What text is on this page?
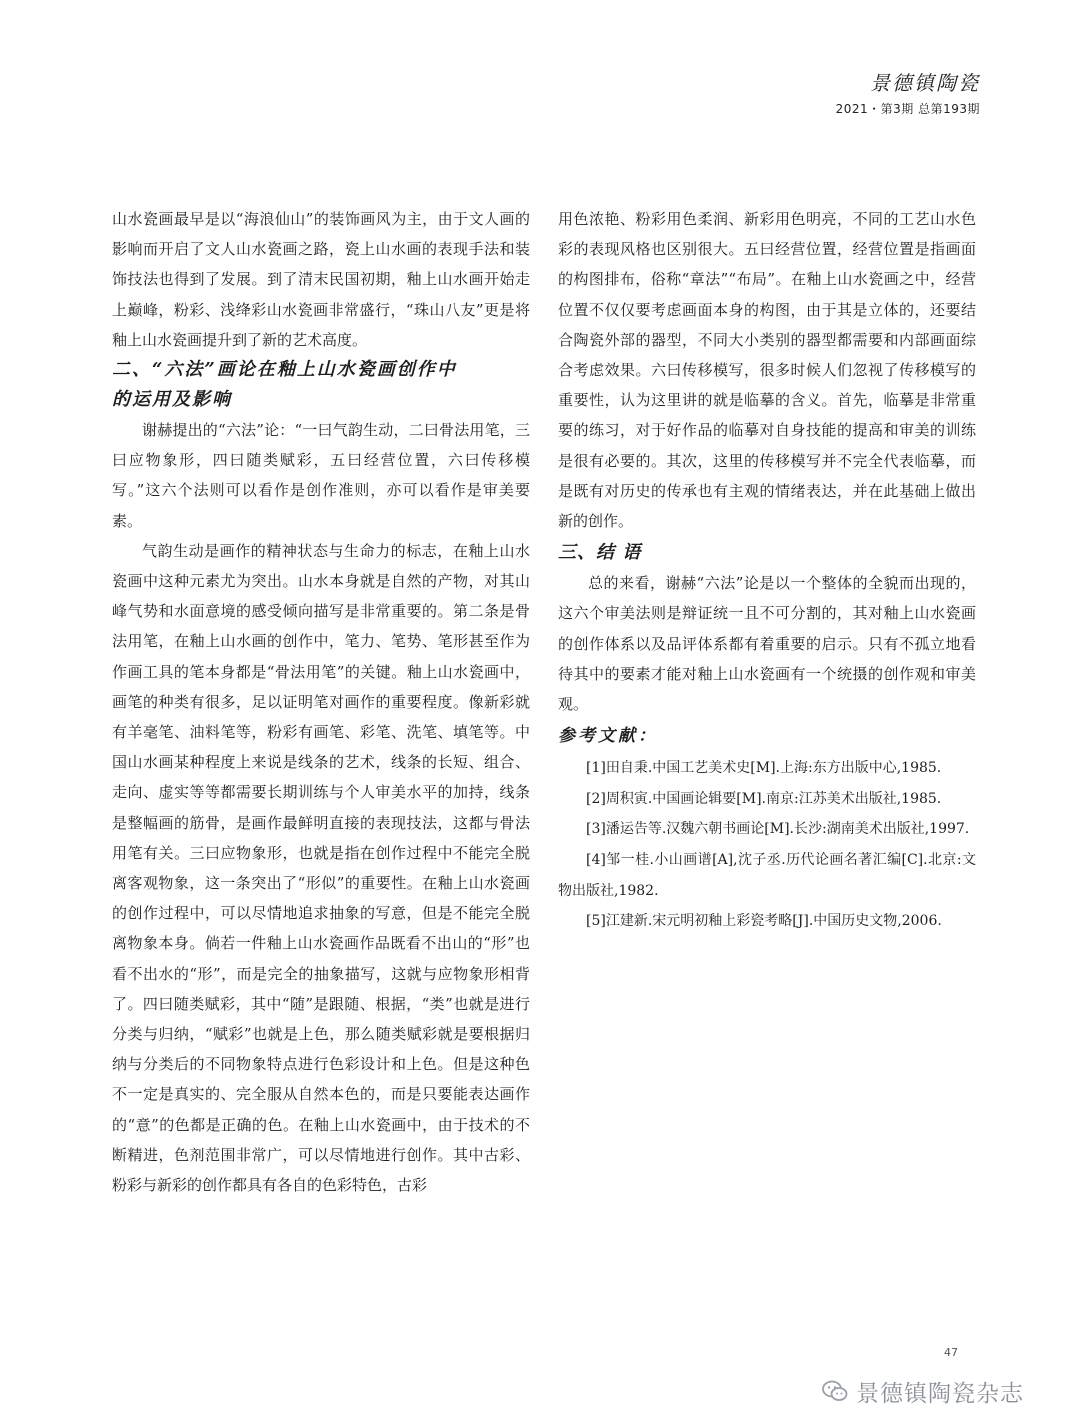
景德镇陶瓷
2021・第3期 总第193期

山水瓷画最早是以“海浪仙山”的装饰画风为主，由于文人画的影响而开启了文人山水瓷画之路，瓷上山水画的表现手法和装饰技法也得到了发展。到了清末民国初期，釉上山水画开始走上巅峰，粉彩、浅绛彩山水瓷画非常盛行，“珠山八友”更是将釉上山水瓷画提升到了新的艺术高度。

二、“六法”画论在釉上山水瓷画创作中
的运用及影响

谢赫提出的“六法”论：“一曰气韵生动，二曰骨法用笔，三曰应物象形，四曰随类赋彩，五曰经营位置，六曰传移模写。”这六个法则可以看作是创作准则，亦可以看作是审美要素。

气韵生动是画作的精神状态与生命力的标志，在釉上山水瓷画中这种元素尤为突出。山水本身就是自然的产物，对其山峰气势和水面意境的感受倾向描写是非常重要的。第二条是骨法用笔，在釉上山水画的创作中，笔力、笔势、笔形甚至作为作画工具的笔本身都是“骨法用笔”的关键。釉上山水瓷画中，画笔的种类有很多，足以证明笔对画作的重要程度。像新彩就有羊毫笔、油料笔等，粉彩有画笔、彩笔、洗笔、填笔等。中国山水画某种程度上来说是线条的艺术，线条的长短、组合、走向、虚实等等都需要长期训练与个人审美水平的加持，线条是整幅画的筋骨，是画作最鲜明直接的表现技法，这都与骨法用笔有关。三曰应物象形，也就是指在创作过程中不能完全脱离客观物象，这一条突出了“形似”的重要性。在釉上山水瓷画的创作过程中，可以尽情地追求抽象的写意，但是不能完全脱离物象本身。倘若一件釉上山水瓷画作品既看不出山的“形”也看不出水的“形”，而是完全的抽象描写，这就与应物象形相背了。四曰随类赋彩，其中“随”是跟随、根据，“类”也就是进行分类与归纳，“赋彩”也就是上色，那么随类赋彩就是要根据归纳与分类后的不同物象特点进行色彩设计和上色。但是这种色不一定是真实的、完全服从自然本色的，而是只要能表达画作的“意”的色都是正确的色。在釉上山水瓷画中，由于技术的不断精进，色剂范围非常广，可以尽情地进行创作。其中古彩、粉彩与新彩的创作都具有各自的色彩特色，古彩

用色浓艳、粉彩用色柔润、新彩用色明亮，不同的工艺山水色彩的表现风格也区别很大。五曰经营位置，经营位置是指画面的构图排布，俗称“章法”“布局”。在釉上山水瓷画之中，经营位置不仅仅要考虑画面本身的构图，由于其是立体的，还要结合陶瓷外部的器型，不同大小类别的器型都需要和内部画面综合考虑效果。六曰传移模写，很多时候人们忽视了传移模写的重要性，认为这里讲的就是临摹的含义。首先，临摹是非常重要的练习，对于好作品的临摹对自身技能的提高和审美的训练是很有必要的。其次，这里的传移模写并不完全代表临摹，而是既有对历史的传承也有主观的情绪表达，并在此基础上做出新的创作。

三、结 语

总的来看，谢赫“六法”论是以一个整体的全貌而出现的，这六个审美法则是辩证统一且不可分割的，其对釉上山水瓷画的创作体系以及品评体系都有着重要的启示。只有不孤立地看待其中的要素才能对釉上山水瓷画有一个统摄的创作观和审美观。

参考文献：

[1]田自秉.中国工艺美术史[M].上海:东方出版中心,1985.

[2]周积寅.中国画论辑要[M].南京:江苏美术出版社,1985.

[3]潘运告等.汉魏六朝书画论[M].长沙:湖南美术出版社,1997.

[4]邹一桂.小山画谱[A],沈子丞.历代论画名著汇编[C].北京:文物出版社,1982.

[5]江建新.宋元明初釉上彩瓷考略[J].中国历史文物,2006.

47
景德镇陶瓷杂志
